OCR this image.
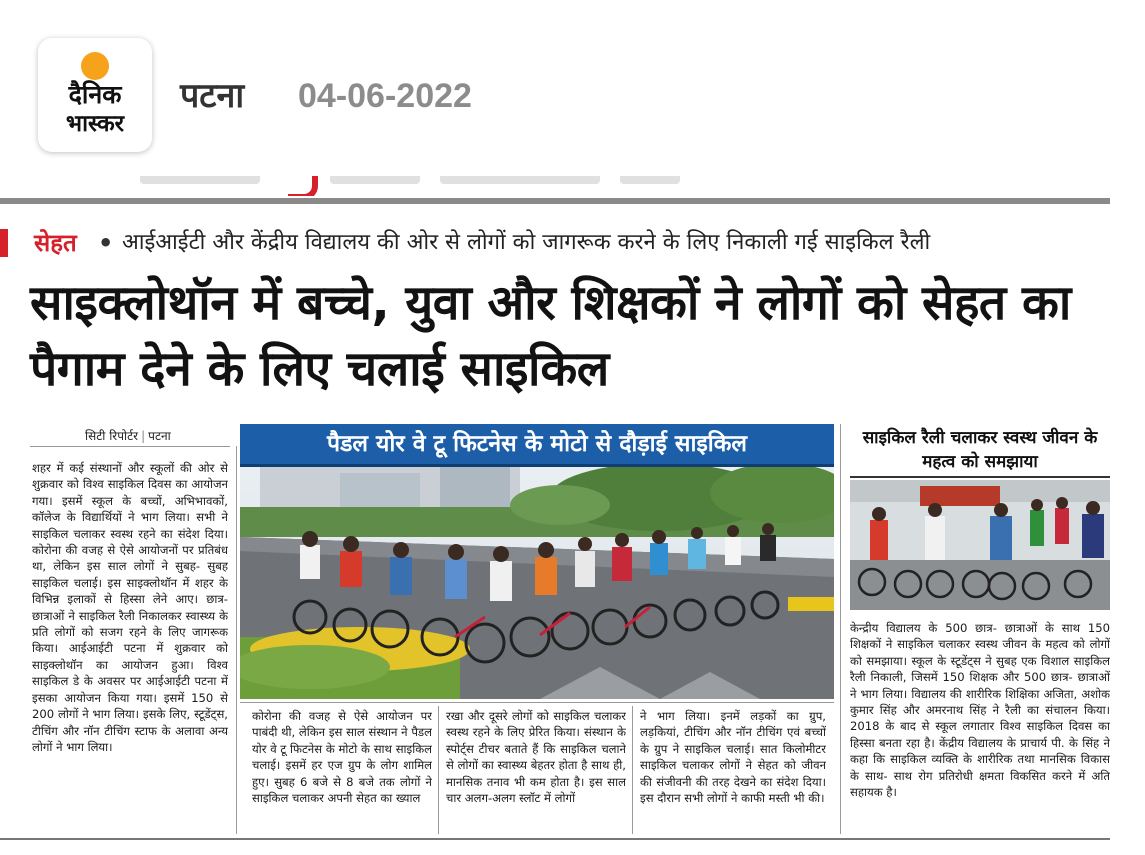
दैनिक
भास्कर
पटना 04-06-2022
सेहत • आईआईटी और केंद्रीय विद्यालय की ओर से लोगों को जागरूक करने के लिए निकाली गई साइकिल रैली
साइक्लोथॉन में बच्चे, युवा और शिक्षकों ने लोगों को सेहत का पैगाम देने के लिए चलाई साइकिल
सिटी रिपोर्टर | पटना
शहर में कई संस्थानों और स्कूलों की ओर से शुक्रवार को विश्व साइकिल दिवस का आयोजन गया। इसमें स्कूल के बच्चों, अभिभावकों, कॉलेज के विद्यार्थियों ने भाग लिया। सभी ने साइकिल चलाकर स्वस्थ रहने का संदेश दिया। कोरोना की वजह से ऐसे आयोजनों पर प्रतिबंध था, लेकिन इस साल लोगों ने सुबह- सुबह साइकिल चलाई। इस साइक्लोथॉन में शहर के विभिन्न इलाकों से हिस्सा लेने आए। छात्र- छात्राओं ने साइकिल रैली निकालकर स्वास्थ्य के प्रति लोगों को सजग रहने के लिए जागरूक किया। आईआईटी पटना में शुक्रवार को साइक्लोथॉन का आयोजन हुआ। विश्व साइकिल डे के अवसर पर आईआईटी पटना में इसका आयोजन किया गया। इसमें 150 से 200 लोगों ने भाग लिया। इसके लिए, स्टूडेंट्स, टीचिंग और नॉन टीचिंग स्टाफ के अलावा अन्य लोगों ने भाग लिया।
पैडल योर वे टू फिटनेस के मोटो से दौड़ाई साइकिल
कोरोना की वजह से ऐसे आयोजन पर पाबंदी थी, लेकिन इस साल संस्थान ने पैडल योर वे टू फिटनेस के मोटो के साथ साइकिल चलाई। इसमें हर एज ग्रुप के लोग शामिल हुए। सुबह 6 बजे से 8 बजे तक लोगों ने साइकिल चलाकर अपनी सेहत का ख्याल
रखा और दूसरे लोगों को साइकिल चलाकर स्वस्थ रहने के लिए प्रेरित किया। संस्थान के स्पोर्ट्स टीचर बताते हैं कि साइकिल चलाने से लोगों का स्वास्थ्य बेहतर होता है साथ ही, मानसिक तनाव भी कम होता है। इस साल चार अलग-अलग स्लॉट में लोगों
ने भाग लिया। इनमें लड़कों का ग्रुप, लड़कियां, टीचिंग और नॉन टीचिंग एवं बच्चों के ग्रुप ने साइकिल चलाई। सात किलोमीटर साइकिल चलाकर लोगों ने सेहत को जीवन की संजीवनी की तरह देखने का संदेश दिया। इस दौरान सभी लोगों ने काफी मस्ती भी की।
साइकिल रैली चलाकर स्वस्थ जीवन के महत्व को समझाया
केन्द्रीय विद्यालय के 500 छात्र- छात्राओं के साथ 150 शिक्षकों ने साइकिल चलाकर स्वस्थ जीवन के महत्व को लोगों को समझाया। स्कूल के स्टूडेंट्स ने सुबह एक विशाल साइकिल रैली निकाली, जिसमें 150 शिक्षक और 500 छात्र- छात्राओं ने भाग लिया। विद्यालय की शारीरिक शिक्षिका अजिता, अशोक कुमार सिंह और अमरनाथ सिंह ने रैली का संचालन किया। 2018 के बाद से स्कूल लगातार विश्व साइकिल दिवस का हिस्सा बनता रहा है। केंद्रीय विद्यालय के प्राचार्य पी. के सिंह ने कहा कि साइकिल व्यक्ति के शारीरिक तथा मानसिक विकास के साथ- साथ रोग प्रतिरोधी क्षमता विकसित करने में अति सहायक है।
